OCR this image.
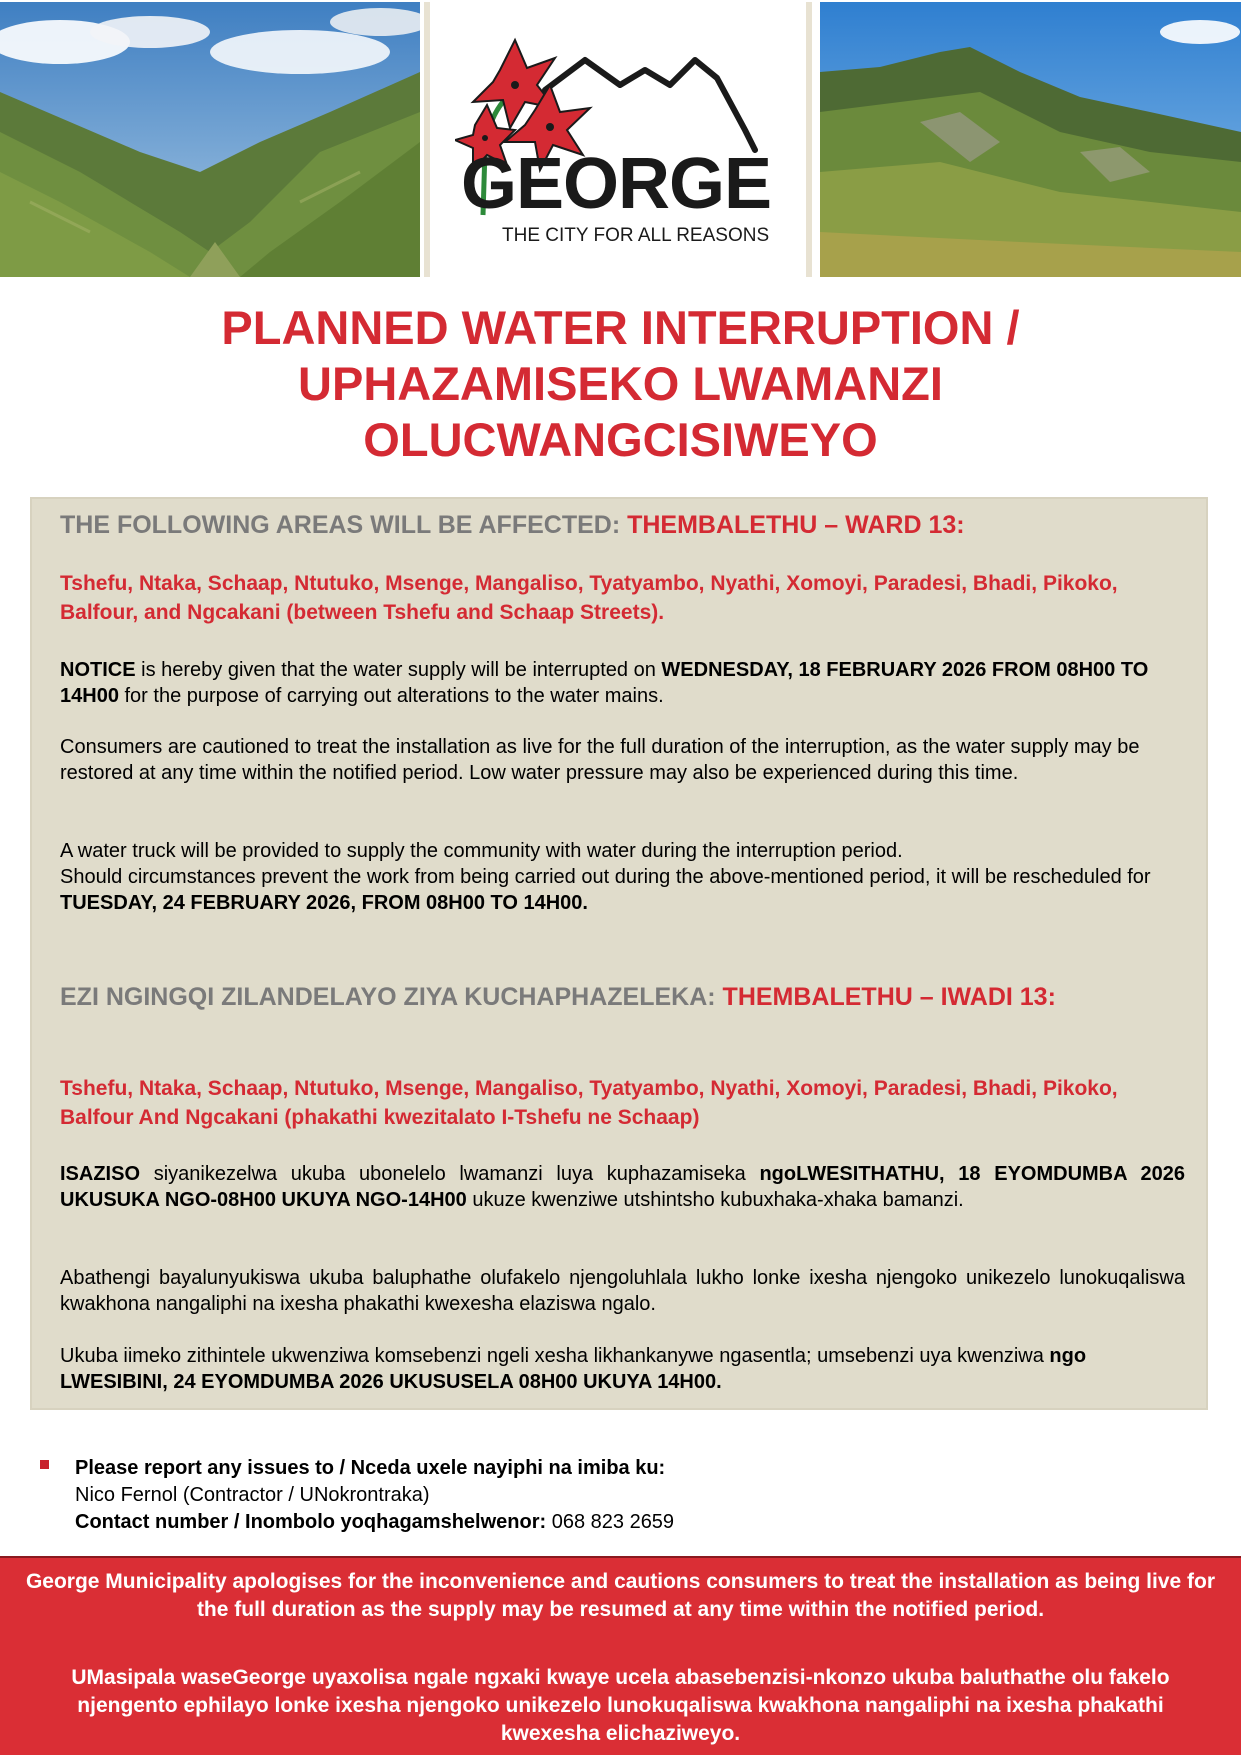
GEORGE
THE CITY FOR ALL REASONS
PLANNED WATER INTERRUPTION /
UPHAZAMISEKO LWAMANZI
OLUCWANGCISIWEYO
THE FOLLOWING AREAS WILL BE AFFECTED: THEMBALETHU – WARD 13:
Tshefu, Ntaka, Schaap, Ntutuko, Msenge, Mangaliso, Tyatyambo, Nyathi, Xomoyi, Paradesi, Bhadi, Pikoko, Balfour, and Ngcakani (between Tshefu and Schaap Streets).
NOTICE is hereby given that the water supply will be interrupted on WEDNESDAY, 18 FEBRUARY 2026 FROM 08H00 TO 14H00 for the purpose of carrying out alterations to the water mains.
Consumers are cautioned to treat the installation as live for the full duration of the interruption, as the water supply may be restored at any time within the notified period. Low water pressure may also be experienced during this time.
A water truck will be provided to supply the community with water during the interruption period.
Should circumstances prevent the work from being carried out during the above-mentioned period, it will be rescheduled for TUESDAY, 24 FEBRUARY 2026, FROM 08H00 TO 14H00.
EZI NGINGQI ZILANDELAYO ZIYA KUCHAPHAZELEKA: THEMBALETHU – IWADI 13:
Tshefu, Ntaka, Schaap, Ntutuko, Msenge, Mangaliso, Tyatyambo, Nyathi, Xomoyi, Paradesi, Bhadi, Pikoko, Balfour And Ngcakani (phakathi kwezitalato I-Tshefu ne Schaap)
ISAZISO siyanikezelwa ukuba ubonelelo lwamanzi luya kuphazamiseka ngoLWESITHATHU, 18 EYOMDUMBA 2026 UKUSUKA NGO-08H00 UKUYA NGO-14H00 ukuze kwenziwe utshintsho kubuxhaka-xhaka bamanzi.
Abathengi bayalunyukiswa ukuba baluphathe olufakelo njengoluhlala lukho lonke ixesha njengoko unikezelo lunokuqaliswa kwakhona nangaliphi na ixesha phakathi kwexesha elaziswa ngalo.
Ukuba iimeko zithintele ukwenziwa komsebenzi ngeli xesha likhankanywe ngasentla; umsebenzi uya kwenziwa ngo LWESIBINI, 24 EYOMDUMBA 2026 UKUSUSELA 08H00 UKUYA 14H00.
Please report any issues to / Nceda uxele nayiphi na imiba ku:
Nico Fernol (Contractor / UNokrontraka)
Contact number / Inombolo yoqhagamshelwenor: 068 823 2659

George Municipality apologises for the inconvenience and cautions consumers to treat the installation as being live for the full duration as the supply may be resumed at any time within the notified period.

UMasipala waseGeorge uyaxolisa ngale ngxaki kwaye ucela abasebenzisi-nkonzo ukuba baluthathe olu fakelo njengento ephilayo lonke ixesha njengoko unikezelo lunokuqaliswa kwakhona nangaliphi na ixesha phakathi kwexesha elichaziweyo.
